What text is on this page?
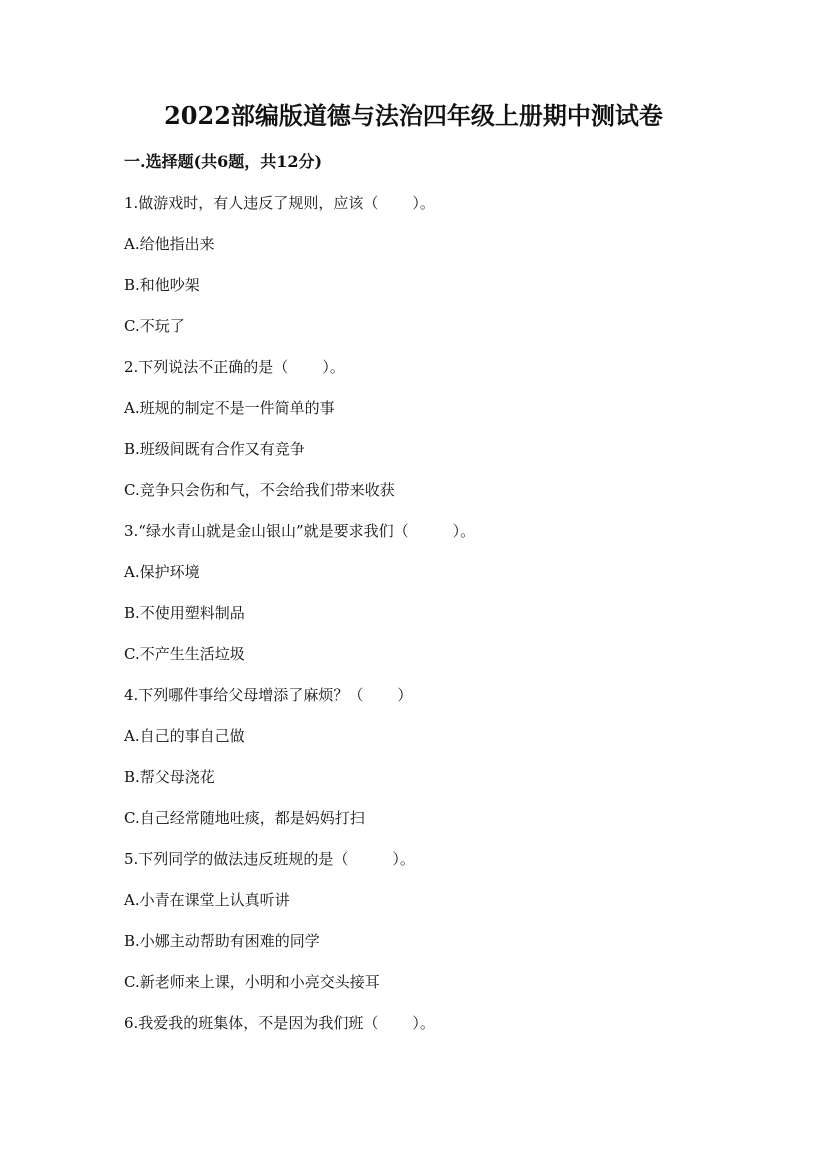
2022部编版道德与法治四年级上册期中测试卷
一.选择题(共6题，共12分)
1.做游戏时，有人违反了规则，应该（ ）。
A.给他指出来
B.和他吵架
C.不玩了
2.下列说法不正确的是（ ）。
A.班规的制定不是一件简单的事
B.班级间既有合作又有竞争
C.竞争只会伤和气，不会给我们带来收获
3.“绿水青山就是金山银山”就是要求我们（	）。
A.保护环境
B.不使用塑料制品
C.不产生生活垃圾
4.下列哪件事给父母增添了麻烦？（ ）
A.自己的事自己做
B.帮父母浇花
C.自己经常随地吐痰，都是妈妈打扫
5.下列同学的做法违反班规的是（	）。
A.小青在课堂上认真听讲
B.小娜主动帮助有困难的同学
C.新老师来上课，小明和小亮交头接耳
6.我爱我的班集体，不是因为我们班（ ）。
